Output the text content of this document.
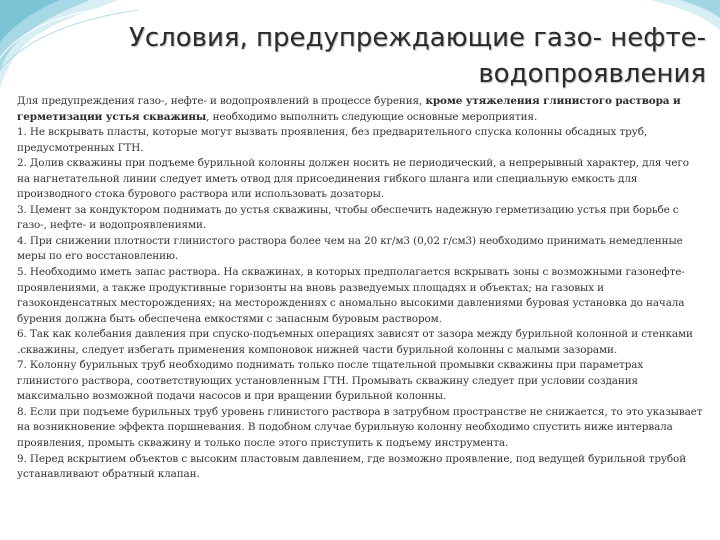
Условия, предупреждающие газо- нефте-
водопроявления

Для предупреждения газо-, нефте- и водопроявлений в процессе бурения, кроме утяжеления глинистого раствора и герметизации устья скважины, необходимо выполнить следующие основные мероприятия.

1. Не вскрывать пласты, которые могут вызвать проявления, без предварительного спуска колонны обсадных труб, предусмотренных ГТН.

2. Долив скважины при подъеме бурильной колонны должен носить не периодический, а непрерывный характер, для чего на нагнетательной линии следует иметь отвод для присоединения гибкого шланга или специальную емкость для производного стока бурового раствора или использовать дозаторы.

3. Цемент за кондуктором поднимать до устья скважины, чтобы обеспечить надежную герметизацию устья при борьбе с газо-, нефте- и водопроявлениями.

4. При снижении плотности глинистого раствора более чем на 20 кг/м3 (0,02 г/см3) необходимо принимать немедленные меры по его восстановлению.

5. Необходимо иметь запас раствора. На скважинах, в которых предполагается вскрывать зоны с возможными газонефте-проявлениями, а также продуктивные горизонты на вновь разведуемых площадях и объектах; на газовых и газоконденсатных месторождениях; на месторождениях с аномально высокими давлениями буровая установка до начала бурения должна быть обеспечена емкостями с запасным буровым раствором.

6. Так как колебания давления при спуско-подъемных операциях зависят от зазора между бурильной колонной и стенками .скважины, следует избегать применения компоновок нижней части бурильной колонны с малыми зазорами.

7. Колонну бурильных труб необходимо поднимать только после тщательной промывки скважины при параметрах глинистого раствора, соответствующих установленным ГТН. Промывать скважину следует при условии создания максимально возможной подачи насосов и при вращении бурильной колонны.

8. Если при подъеме бурильных труб уровень глинистого раствора в затрубном пространстве не снижается, то это указывает на возникновение эффекта поршневания. В подобном случае бурильную колонну необходимо спустить ниже интервала проявления, промыть скважину и только после этого приступить к подъему инструмента.

9. Перед вскрытием объектов с высоким пластовым давлением, где возможно проявление, под ведущей бурильной трубой устанавливают обратный клапан.
